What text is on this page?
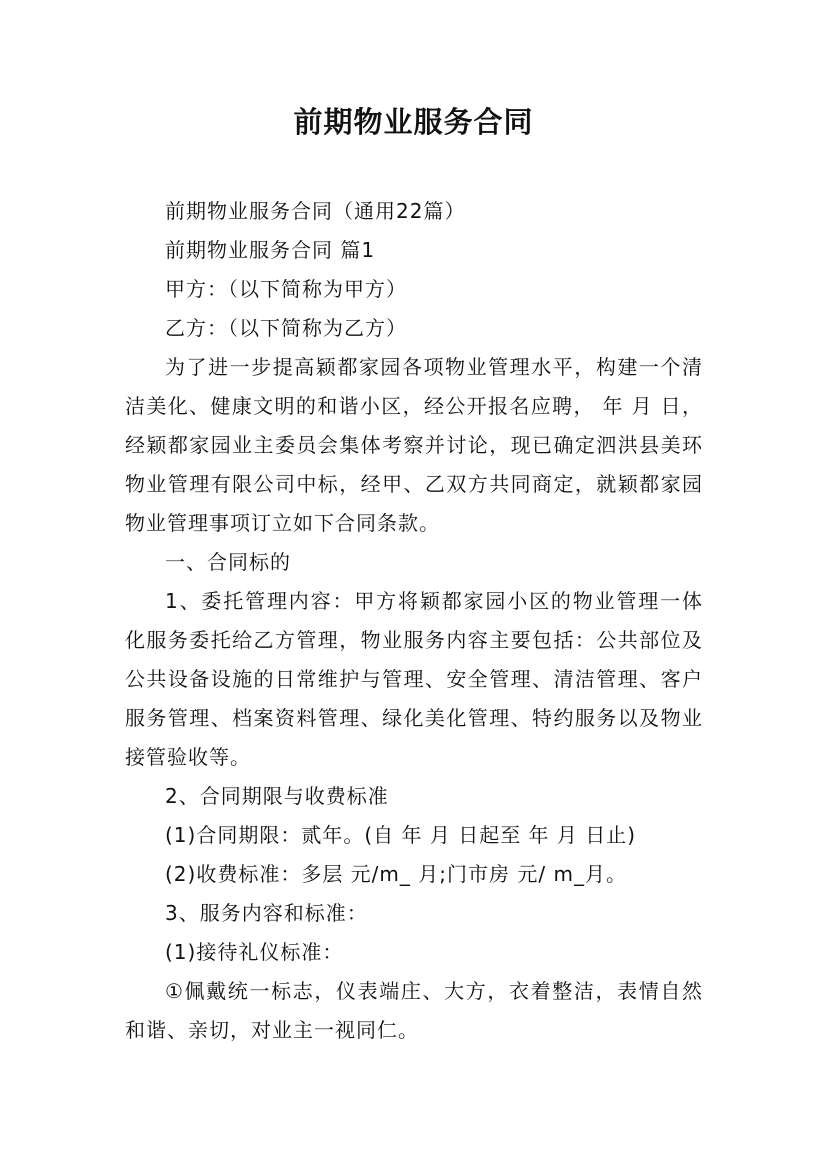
前期物业服务合同

前期物业服务合同（通用22篇）

前期物业服务合同 篇1

甲方：（以下简称为甲方）

乙方：（以下简称为乙方）

为了进一步提高颖都家园各项物业管理水平，构建一个清洁美化、健康文明的和谐小区，经公开报名应聘， 年 月 日，经颖都家园业主委员会集体考察并讨论，现已确定泗洪县美环物业管理有限公司中标，经甲、乙双方共同商定，就颖都家园物业管理事项订立如下合同条款。

一、合同标的

1、委托管理内容：甲方将颖都家园小区的物业管理一体化服务委托给乙方管理，物业服务内容主要包括：公共部位及公共设备设施的日常维护与管理、安全管理、清洁管理、客户服务管理、档案资料管理、绿化美化管理、特约服务以及物业接管验收等。

2、合同期限与收费标准

(1)合同期限：贰年。(自 年 月 日起至 年 月 日止)

(2)收费标准：多层 元/m_ 月;门市房 元/ m_月。

3、服务内容和标准：

(1)接待礼仪标准：

①佩戴统一标志，仪表端庄、大方，衣着整洁，表情自然和谐、亲切，对业主一视同仁。
